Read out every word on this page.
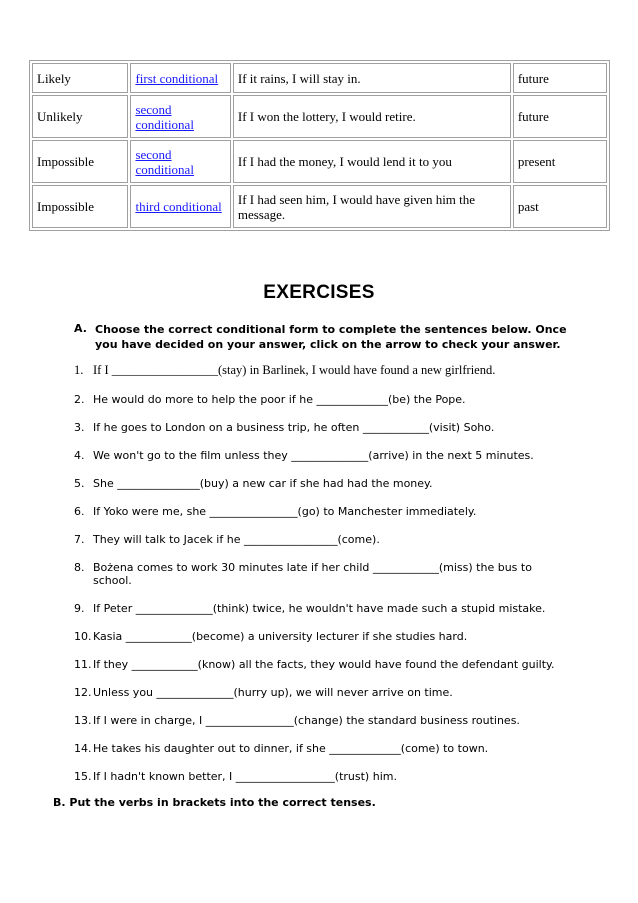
Likely	first conditional	If it rains, I will stay in.	future
Unlikely	second conditional	If I won the lottery, I would retire.	future
Impossible	second conditional	If I had the money, I would lend it to you	present
Impossible	third conditional	If I had seen him, I would have given him the message.	past
EXERCISES
A. Choose the correct conditional form to complete the sentences below. Once you have decided on your answer, click on the arrow to check your answer.
1. If I _________________(stay) in Barlinek, I would have found a new girlfriend.
2. He would do more to help the poor if he _____________(be) the Pope.
3. If he goes to London on a business trip, he often ____________(visit) Soho.
4. We won't go to the film unless they ______________(arrive) in the next 5 minutes.
5. She _______________(buy) a new car if she had had the money.
6. If Yoko were me, she ________________(go) to Manchester immediately.
7. They will talk to Jacek if he _________________(come).
8. Bożena comes to work 30 minutes late if her child ____________(miss) the bus to school.
9. If Peter ______________(think) twice, he wouldn't have made such a stupid mistake.
10. Kasia ____________(become) a university lecturer if she studies hard.
11. If they ____________(know) all the facts, they would have found the defendant guilty.
12. Unless you ______________(hurry up), we will never arrive on time.
13. If I were in charge, I ________________(change) the standard business routines.
14. He takes his daughter out to dinner, if she _____________(come) to town.
15. If I hadn't known better, I __________________(trust) him.
B. Put the verbs in brackets into the correct tenses.
